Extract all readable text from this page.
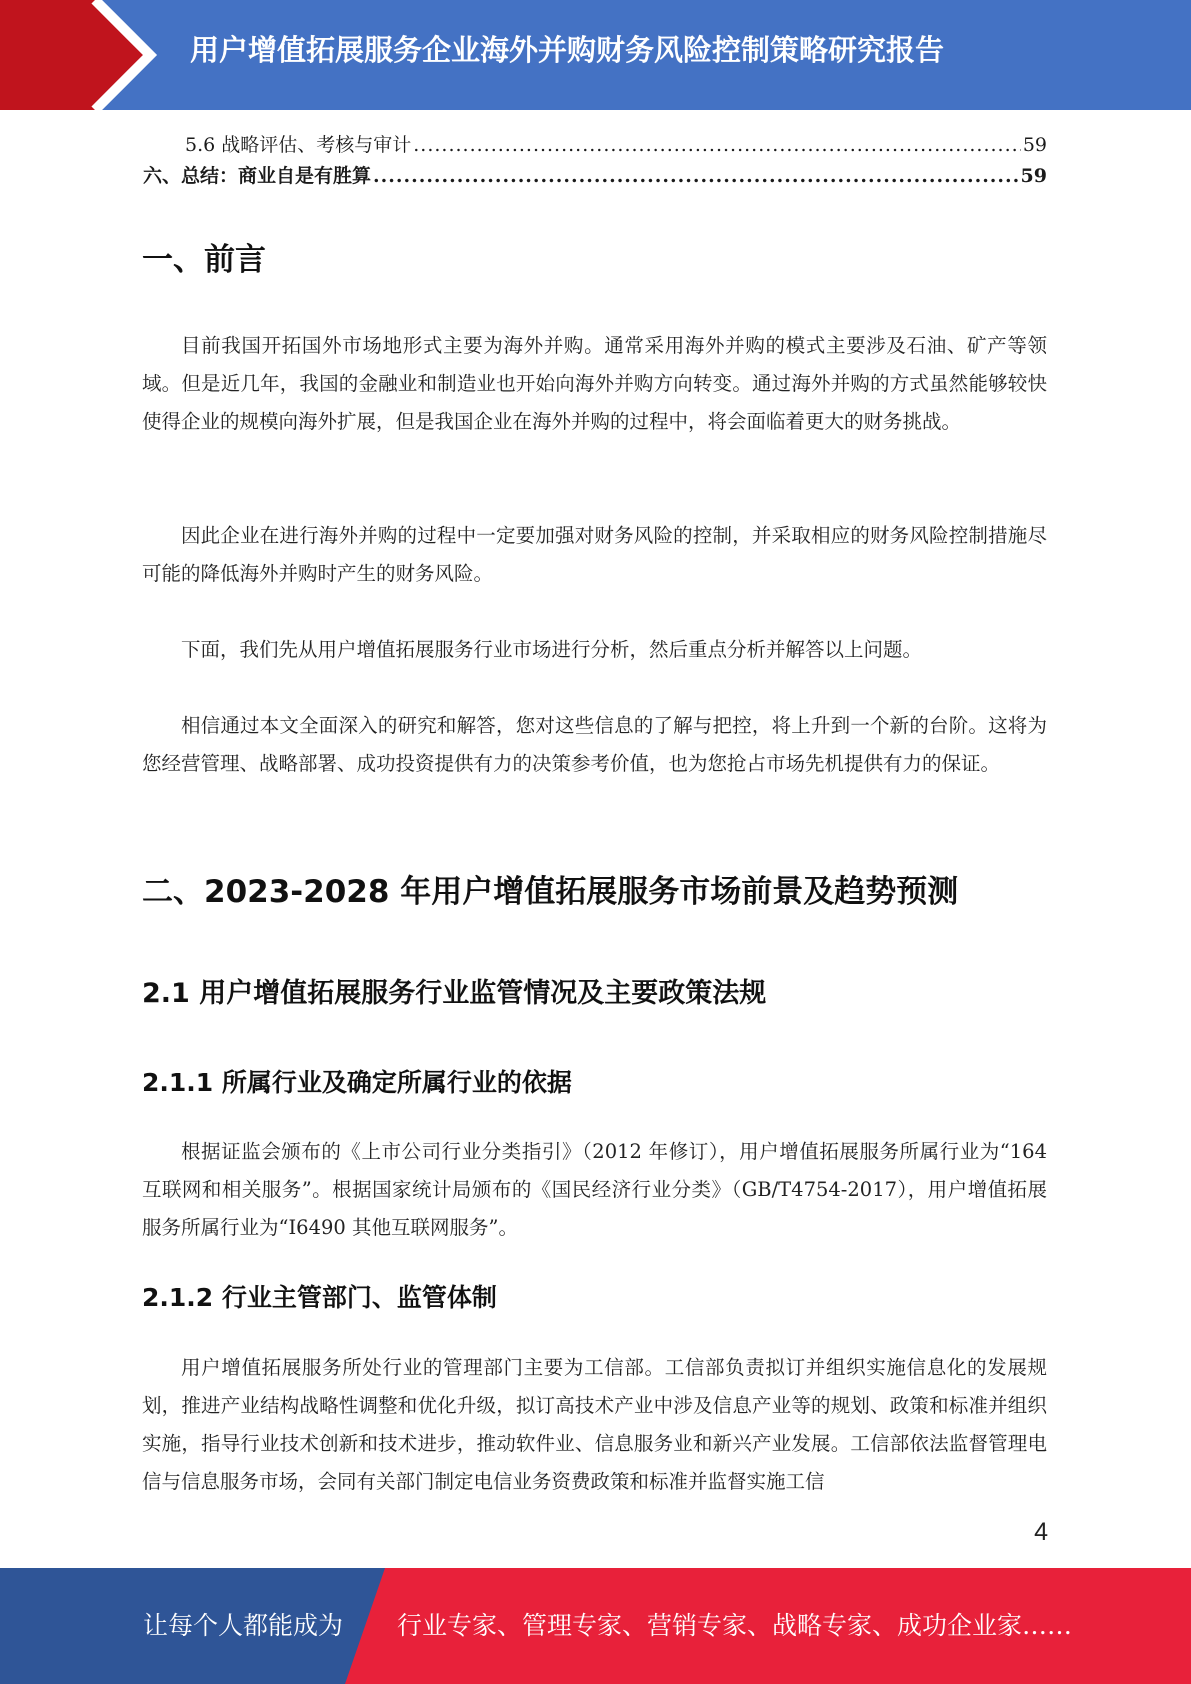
用户增值拓展服务企业海外并购财务风险控制策略研究报告
5.6 战略评估、考核与审计 .....	59
六、总结：商业自是有胜算 .....	59
一、前言

目前我国开拓国外市场地形式主要为海外并购。通常采用海外并购的模式主要涉及石油、矿产等领域。但是近几年，我国的金融业和制造业也开始向海外并购方向转变。通过海外并购的方式虽然能够较快使得企业的规模向海外扩展，但是我国企业在海外并购的过程中，将会面临着更大的财务挑战。

因此企业在进行海外并购的过程中一定要加强对财务风险的控制，并采取相应的财务风险控制措施尽可能的降低海外并购时产生的财务风险。

下面，我们先从用户增值拓展服务行业市场进行分析，然后重点分析并解答以上问题。

相信通过本文全面深入的研究和解答，您对这些信息的了解与把控，将上升到一个新的台阶。这将为您经营管理、战略部署、成功投资提供有力的决策参考价值，也为您抢占市场先机提供有力的保证。

二、2023-2028 年用户增值拓展服务市场前景及趋势预测
2.1 用户增值拓展服务行业监管情况及主要政策法规
2.1.1 所属行业及确定所属行业的依据

根据证监会颁布的《上市公司行业分类指引》（2012 年修订），用户增值拓展服务所属行业为“164 互联网和相关服务”。根据国家统计局颁布的《国民经济行业分类》（GB/T4754-2017），用户增值拓展服务所属行业为“I6490 其他互联网服务”。

2.1.2 行业主管部门、监管体制

用户增值拓展服务所处行业的管理部门主要为工信部。工信部负责拟订并组织实施信息化的发展规划，推进产业结构战略性调整和优化升级，拟订高技术产业中涉及信息产业等的规划、政策和标准并组织实施，指导行业技术创新和技术进步，推动软件业、信息服务业和新兴产业发展。工信部依法监督管理电信与信息服务市场，会同有关部门制定电信业务资费政策和标准并监督实施工信

4
让每个人都能成为 行业专家、管理专家、营销专家、战略专家、成功企业家……
